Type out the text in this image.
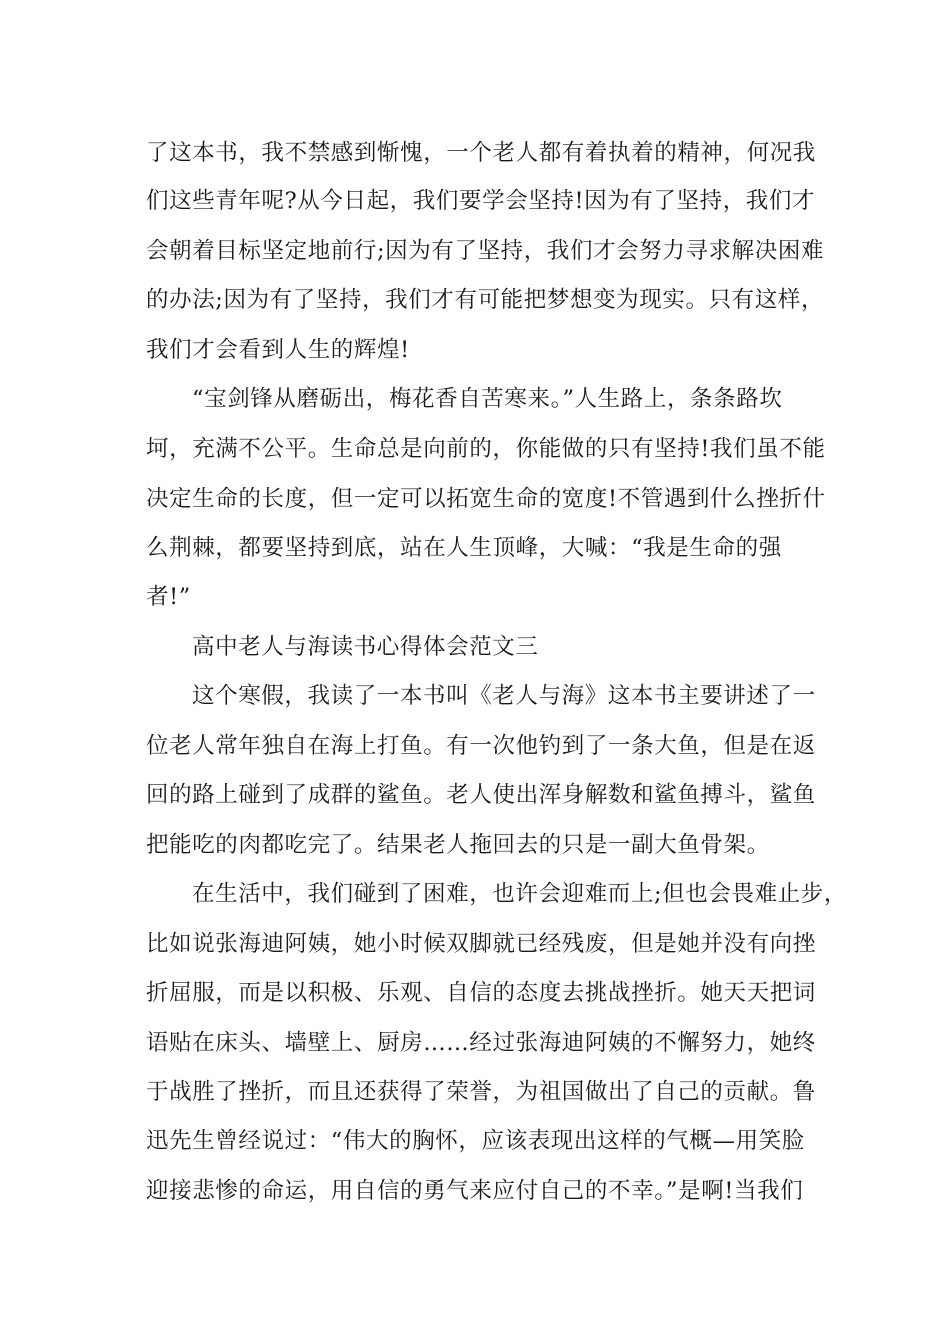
了这本书，我不禁感到惭愧，一个老人都有着执着的精神，何况我
们这些青年呢?从今日起，我们要学会坚持!因为有了坚持，我们才
会朝着目标坚定地前行;因为有了坚持，我们才会努力寻求解决困难
的办法;因为有了坚持，我们才有可能把梦想变为现实。只有这样，
我们才会看到人生的辉煌!
“宝剑锋从磨砺出，梅花香自苦寒来。”人生路上，条条路坎
坷，充满不公平。生命总是向前的，你能做的只有坚持!我们虽不能
决定生命的长度，但一定可以拓宽生命的宽度!不管遇到什么挫折什
么荆棘，都要坚持到底，站在人生顶峰，大喊：“我是生命的强
者!”
高中老人与海读书心得体会范文三
这个寒假，我读了一本书叫《老人与海》这本书主要讲述了一
位老人常年独自在海上打鱼。有一次他钓到了一条大鱼，但是在返
回的路上碰到了成群的鲨鱼。老人使出浑身解数和鲨鱼搏斗，鲨鱼
把能吃的肉都吃完了。结果老人拖回去的只是一副大鱼骨架。
在生活中，我们碰到了困难，也许会迎难而上;但也会畏难止步，
比如说张海迪阿姨，她小时候双脚就已经残废，但是她并没有向挫
折屈服，而是以积极、乐观、自信的态度去挑战挫折。她天天把词
语贴在床头、墙壁上、厨房……经过张海迪阿姨的不懈努力，她终
于战胜了挫折，而且还获得了荣誉，为祖国做出了自己的贡献。鲁
迅先生曾经说过：“伟大的胸怀，应该表现出这样的气概—用笑脸
迎接悲惨的命运，用自信的勇气来应付自己的不幸。”是啊!当我们
